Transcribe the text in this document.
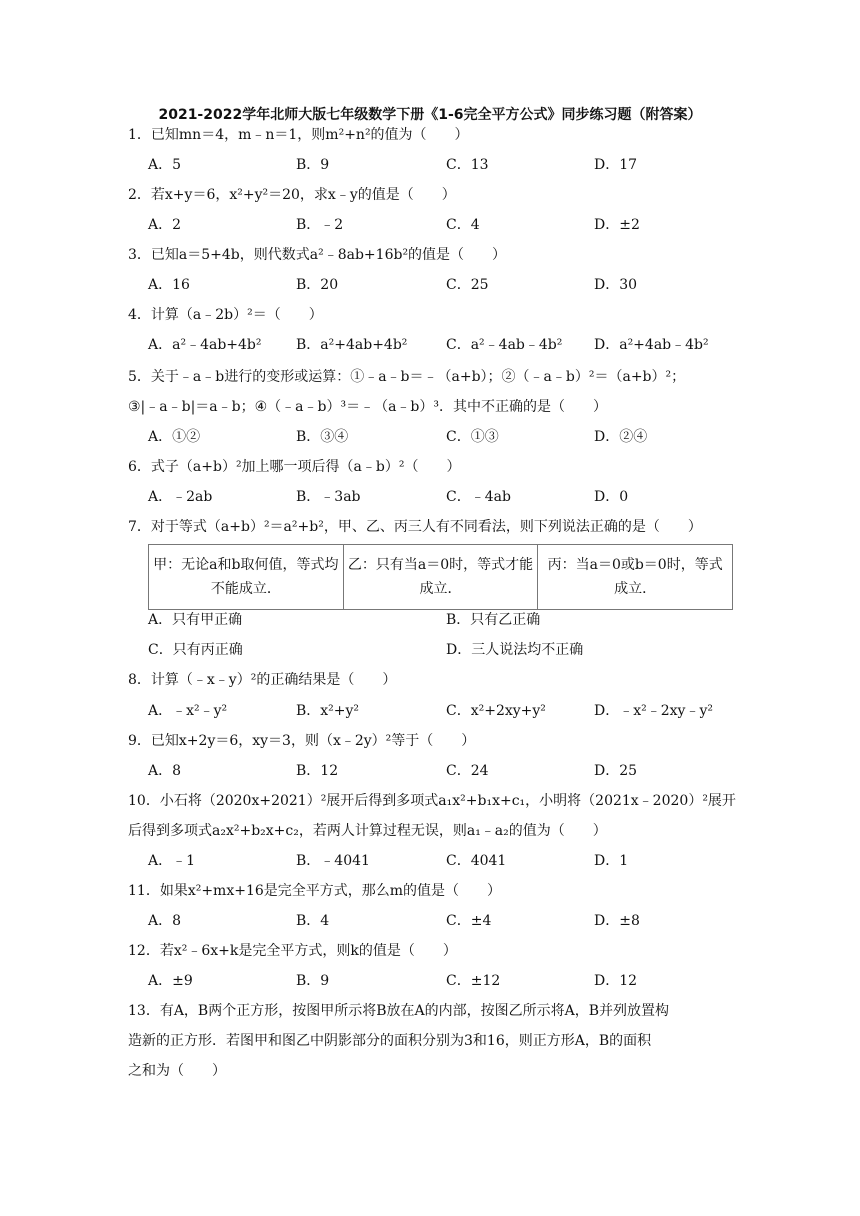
2021-2022学年北师大版七年级数学下册《1-6完全平方公式》同步练习题（附答案）
1．已知mn＝4，m﹣n＝1，则m²+n²的值为（　　）
A．5	B．9	C．13	D．17
2．若x+y＝6，x²+y²＝20，求x﹣y的值是（　　）
A．2	B．﹣2	C．4	D．±2
3．已知a＝5+4b，则代数式a²﹣8ab+16b²的值是（　　）
A．16	B．20	C．25	D．30
4．计算（a﹣2b）²＝（　　）
A．a²﹣4ab+4b² B．a²+4ab+4b²	C．a²﹣4ab﹣4b² D．a²+4ab﹣4b²
5．关于﹣a﹣b进行的变形或运算：①﹣a﹣b＝﹣（a+b）；②（﹣a﹣b）²＝（a+b）²；
③|﹣a﹣b|＝a﹣b；④（﹣a﹣b）³＝﹣（a﹣b）³．其中不正确的是（　　）
A．①②	B．③④	C．①③	D．②④
6．式子（a+b）²加上哪一项后得（a﹣b）²（　　）
A．﹣2ab	B．﹣3ab	C．﹣4ab	D．0
7．对于等式（a+b）²＝a²+b²，甲、乙、丙三人有不同看法，则下列说法正确的是（　　）
甲：无论a和b取何值，等式均不能成立．	乙：只有当a＝0时，等式才能成立．	丙：当a＝0或b＝0时，等式成立．
A．只有甲正确	B．只有乙正确
C．只有丙正确	D．三人说法均不正确
8．计算（﹣x﹣y）²的正确结果是（　　）
A．﹣x²﹣y²	B．x²+y²	C．x²+2xy+y²	D．﹣x²﹣2xy﹣y²
9．已知x+2y＝6，xy＝3，则（x﹣2y）²等于（　　）
A．8	B．12	C．24	D．25
10．小石将（2020x+2021）²展开后得到多项式a₁x²+b₁x+c₁，小明将（2021x﹣2020）²展开
后得到多项式a₂x²+b₂x+c₂，若两人计算过程无误，则a₁﹣a₂的值为（　　）
A．﹣1	B．﹣4041	C．4041	D．1
11．如果x²+mx+16是完全平方式，那么m的值是（　　）
A．8	B．4	C．±4	D．±8
12．若x²﹣6x+k是完全平方式，则k的值是（　　）
A．±9	B．9	C．±12	D．12
13．有A，B两个正方形，按图甲所示将B放在A的内部，按图乙所示将A，B并列放置构
造新的正方形．若图甲和图乙中阴影部分的面积分别为3和16，则正方形A，B的面积
之和为（　　）
